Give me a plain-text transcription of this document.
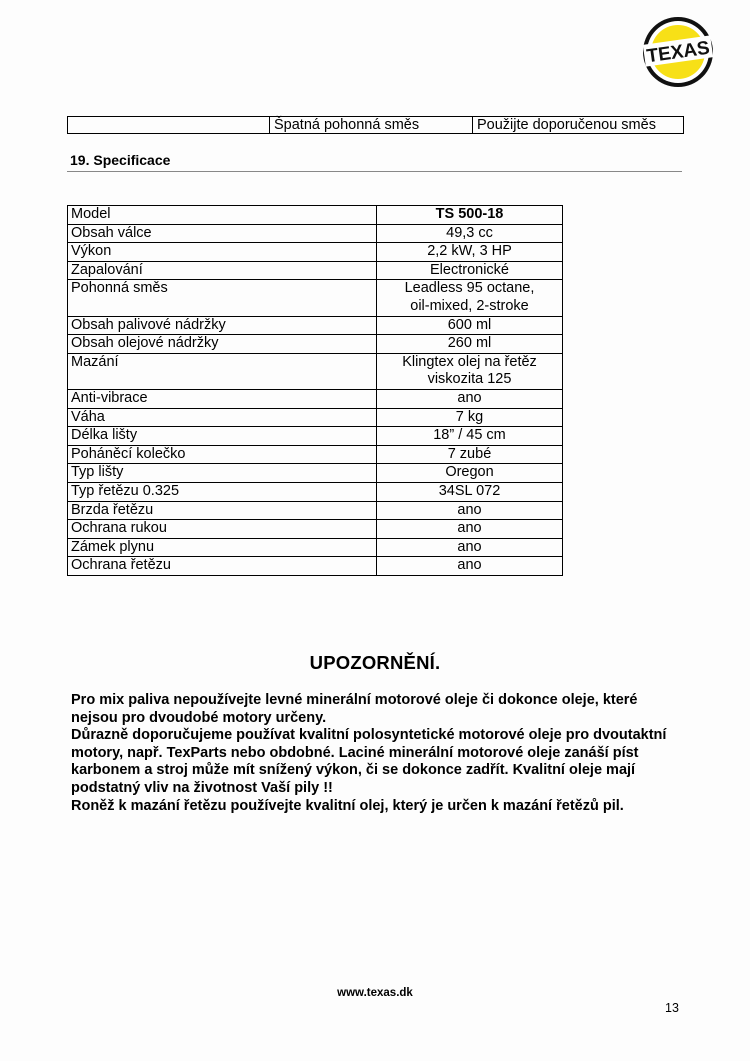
TEXAS
	Špatná pohonná směs	Použijte doporučenou směs
19. Specificace
Model	TS 500-18
Obsah válce	49,3 cc
Výkon	2,2 kW, 3 HP
Zapalování	Electronické
Pohonná směs	Leadless 95 octane,
oil-mixed, 2-stroke
Obsah palivové nádržky	600 ml
Obsah olejové nádržky	260 ml
Mazání	Klingtex olej na řetěz
viskozita 125
Anti-vibrace	ano
Váha	7 kg
Délka lišty	18” / 45 cm
Poháněcí kolečko	7 zubé
Typ lišty	Oregon
Typ řetězu 0.325	34SL 072
Brzda řetězu	ano
Ochrana rukou	ano
Zámek plynu	ano
Ochrana řetězu	ano
UPOZORNĚNÍ.

Pro mix paliva nepoužívejte levné minerální motorové oleje či dokonce oleje, které nejsou pro dvoudobé motory určeny.

Důrazně doporučujeme používat kvalitní polosyntetické motorové oleje pro dvoutaktní motory, např. TexParts nebo obdobné. Laciné minerální motorové oleje zanáší píst karbonem a stroj může mít snížený výkon, či se dokonce zadřít. Kvalitní oleje mají podstatný vliv na životnost Vaší pily !!

Roněž k mazání řetězu používejte kvalitní olej, který je určen k mazání řetězů pil.

www.texas.dk
13
